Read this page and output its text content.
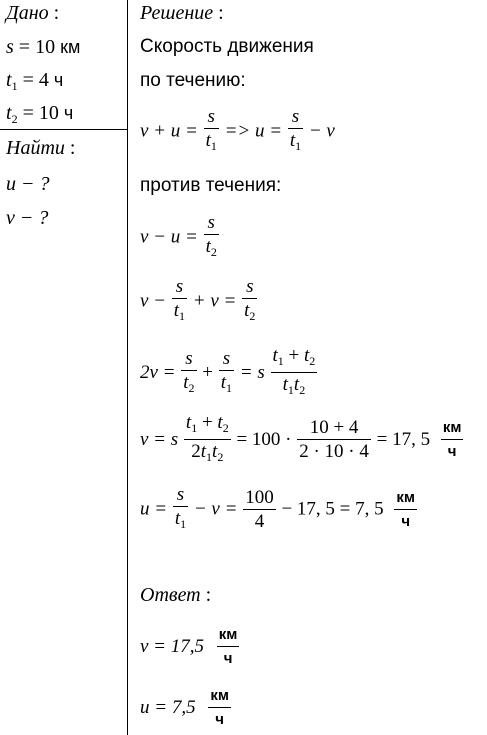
Дано :
s = 10 км
$t_1 = 4$ ч
$t_2 = 10$ ч
Найти :
u − ?
v − ?
Решение :
Скорость движения
по течению:
$v + u = \frac{s}{t_1} => u = \frac{s}{t_1} - v$
против течения:
$v - u = \frac{s}{t_2}$
$v - \frac{s}{t_1} + v = \frac{s}{t_2}$
$2v = \frac{s}{t_2} + \frac{s}{t_1} = s \frac{t_1 + t_2}{t_1t_2}$
v = s $\frac{t_1 + t_2}{2t_1t_2} = 100 \cdot \frac{10 + 4}{2 \cdot 10 \cdot 4} = 17$, 5
км
ч
$u = \frac{s}{t_1} - v = \frac{100}{4} - 17$, 5 = 7, 5
км
ч
Ответ :
v = 17,5
км
ч
u = 7,5
км
ч
